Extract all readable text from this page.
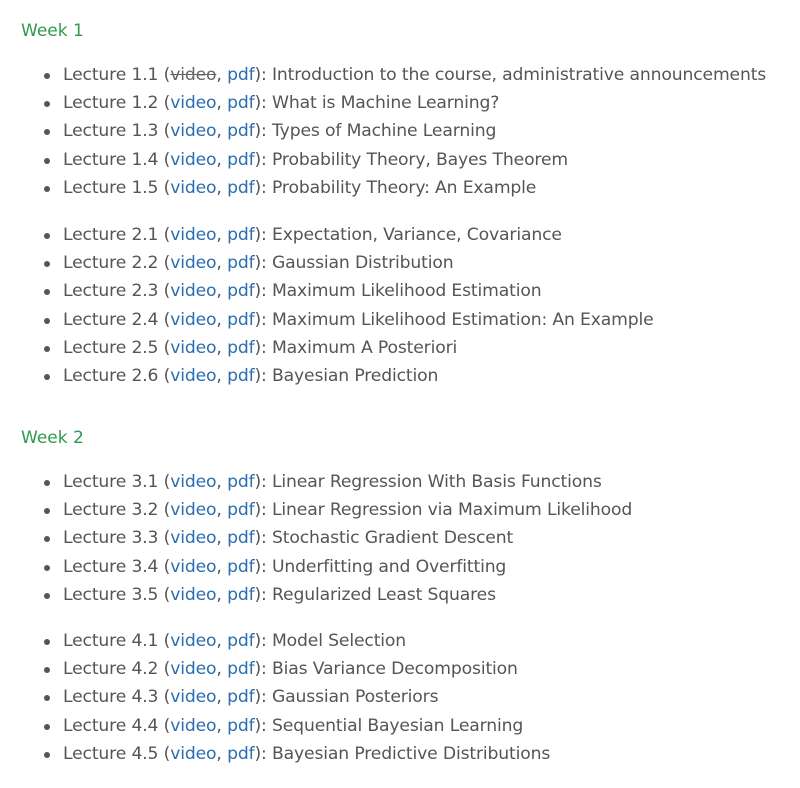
Week 1
Lecture 1.1 (video, pdf): Introduction to the course, administrative announcements
Lecture 1.2 (video, pdf): What is Machine Learning?
Lecture 1.3 (video, pdf): Types of Machine Learning
Lecture 1.4 (video, pdf): Probability Theory, Bayes Theorem
Lecture 1.5 (video, pdf): Probability Theory: An Example
Lecture 2.1 (video, pdf): Expectation, Variance, Covariance
Lecture 2.2 (video, pdf): Gaussian Distribution
Lecture 2.3 (video, pdf): Maximum Likelihood Estimation
Lecture 2.4 (video, pdf): Maximum Likelihood Estimation: An Example
Lecture 2.5 (video, pdf): Maximum A Posteriori
Lecture 2.6 (video, pdf): Bayesian Prediction
Week 2
Lecture 3.1 (video, pdf): Linear Regression With Basis Functions
Lecture 3.2 (video, pdf): Linear Regression via Maximum Likelihood
Lecture 3.3 (video, pdf): Stochastic Gradient Descent
Lecture 3.4 (video, pdf): Underfitting and Overfitting
Lecture 3.5 (video, pdf): Regularized Least Squares
Lecture 4.1 (video, pdf): Model Selection
Lecture 4.2 (video, pdf): Bias Variance Decomposition
Lecture 4.3 (video, pdf): Gaussian Posteriors
Lecture 4.4 (video, pdf): Sequential Bayesian Learning
Lecture 4.5 (video, pdf): Bayesian Predictive Distributions
